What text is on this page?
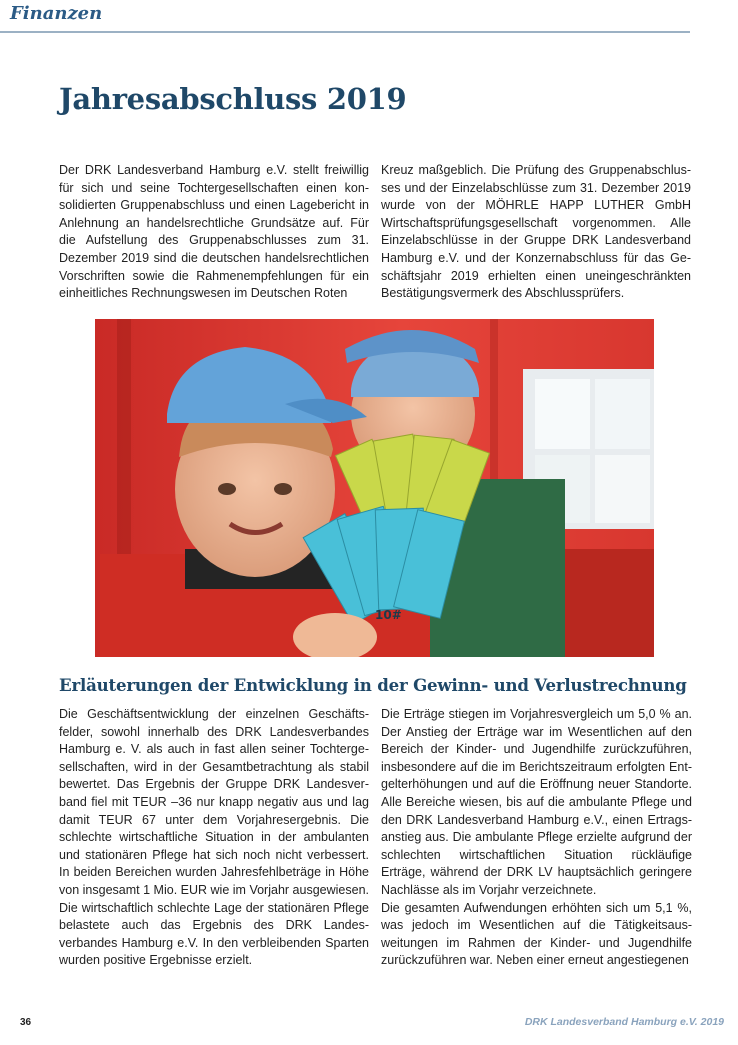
Finanzen
Jahresabschluss 2019

Der DRK Landesverband Hamburg e.V. stellt freiwillig für sich und seine Tochtergesellschaften einen konsolidierten Gruppenabschluss und einen Lagebericht in Anlehnung an handelsrechtliche Grundsätze auf. Für die Aufstellung des Gruppenabschlusses zum 31. Dezember 2019 sind die deutschen handelsrechtlichen Vorschriften sowie die Rahmenempfehlungen für ein einheitliches Rechnungswesen im Deutschen Roten

Kreuz maßgeblich. Die Prüfung des Gruppenabschlusses und der Einzelabschlüsse zum 31. Dezember 2019 wurde von der MÖHRLE HAPP LUTHER GmbH Wirtschaftsprüfungsgesellschaft vorgenommen. Alle Einzelabschlüsse in der Gruppe DRK Landesverband Hamburg e.V. und der Konzernabschluss für das Geschäftsjahr 2019 erhielten einen uneingeschränkten Bestätigungsvermerk des Abschlussprüfers.

10#
Erläuterungen der Entwicklung in der Gewinn- und Verlustrechnung

Die Geschäftsentwicklung der einzelnen Geschäftsfelder, sowohl innerhalb des DRK Landesverbandes Hamburg e. V. als auch in fast allen seiner Tochtergesellschaften, wird in der Gesamtbetrachtung als stabil bewertet. Das Ergebnis der Gruppe DRK Landesverband fiel mit TEUR –36 nur knapp negativ aus und lag damit TEUR 67 unter dem Vorjahresergebnis. Die schlechte wirtschaftliche Situation in der ambulanten und stationären Pflege hat sich noch nicht verbessert. In beiden Bereichen wurden Jahresfehlbeträge in Höhe von insgesamt 1 Mio. EUR wie im Vorjahr ausgewiesen. Die wirtschaftlich schlechte Lage der stationären Pflege belastete auch das Ergebnis des DRK Landesverbandes Hamburg e.V. In den verbleibenden Sparten wurden positive Ergebnisse erzielt.

Die Erträge stiegen im Vorjahresvergleich um 5,0 % an. Der Anstieg der Erträge war im Wesentlichen auf den Bereich der Kinder- und Jugendhilfe zurückzuführen, insbesondere auf die im Berichtszeitraum erfolgten Entgelterhöhungen und auf die Eröffnung neuer Standorte. Alle Bereiche wiesen, bis auf die ambulante Pflege und den DRK Landesverband Hamburg e.V., einen Ertragsanstieg aus. Die ambulante Pflege erzielte aufgrund der schlechten wirtschaftlichen Situation rückläufige Erträge, während der DRK LV hauptsächlich geringere Nachlässe als im Vorjahr verzeichnete.

Die gesamten Aufwendungen erhöhten sich um 5,1 %, was jedoch im Wesentlichen auf die Tätigkeitsausweitungen im Rahmen der Kinder- und Jugendhilfe zurückzuführen war. Neben einer erneut angestiegenen

36	DRK Landesverband Hamburg e.V. 2019
